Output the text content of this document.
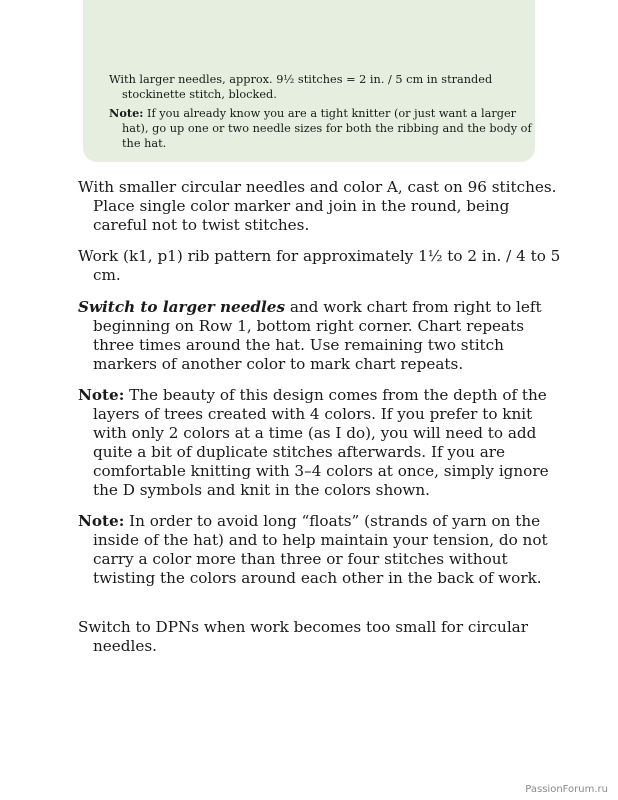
With larger needles, approx. 9½ stitches = 2 in. / 5 cm in stranded stockinette stitch, blocked.
Note: If you already know you are a tight knitter (or just want a larger hat), go up one or two needle sizes for both the ribbing and the body of the hat.

With smaller circular needles and color A, cast on 96 stitches. Place single color marker and join in the round, being careful not to twist stitches.

Work (k1, p1) rib pattern for approximately 1½ to 2 in. / 4 to 5 cm.

Switch to larger needles and work chart from right to left beginning on Row 1, bottom right corner. Chart repeats three times around the hat. Use remaining two stitch markers of another color to mark chart repeats.

Note: The beauty of this design comes from the depth of the layers of trees created with 4 colors. If you prefer to knit with only 2 colors at a time (as I do), you will need to add quite a bit of duplicate stitches afterwards. If you are comfortable knitting with 3–4 colors at once, simply ignore the D symbols and knit in the colors shown.

Note: In order to avoid long “floats” (strands of yarn on the inside of the hat) and to help maintain your tension, do not carry a color more than three or four stitches without twisting the colors around each other in the back of work.

Switch to DPNs when work becomes too small for circular needles.

PassionForum.ru
